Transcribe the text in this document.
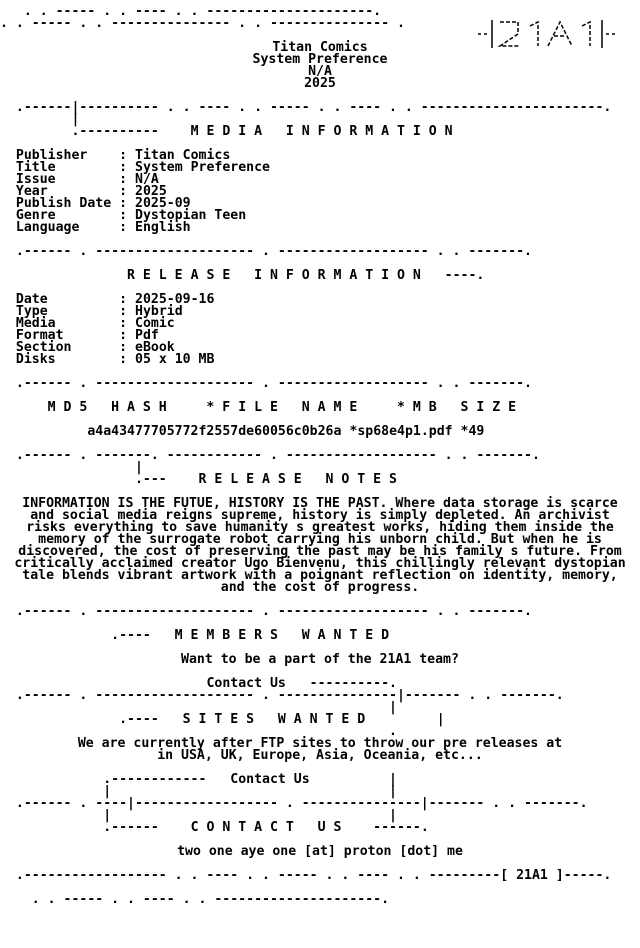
. . ----- . . ---- . . ---------------------.
. . ----- . . --------------- . . --------------- .
Titan Comics
System Preference
N/A
2025
.------|---------- . . ---- . . ----- . . ---- . . -----------------------.
|
.----------    M E D I A   I N F O R M A T I O N
Publisher    : Titan Comics
Title        : System Preference
Issue        : N/A
Year         : 2025
Publish Date : 2025-09
Genre        : Dystopian Teen
Language     : English
.------ . -------------------- . ------------------- . . -------.
R E L E A S E   I N F O R M A T I O N   ----.
Date         : 2025-09-16
Type         : Hybrid
Media        : Comic
Format       : Pdf
Section      : eBook
Disks        : 05 x 10 MB
.------ . -------------------- . ------------------- . . -------.
M D 5   H A S H     * F I L E   N A M E     * M B   S I Z E
a4a43477705772f2557de60056c0b26a *sp68e4p1.pdf *49
.------ . -------. ------------ . ------------------- . . -------.
|
.---    R E L E A S E   N O T E S
INFORMATION IS THE FUTUE, HISTORY IS THE PAST. Where data storage is scarce
and social media reigns supreme, history is simply depleted. An archivist
risks everything to save humanity s greatest works, hiding them inside the
memory of the surrogate robot carrying his unborn child. But when he is
discovered, the cost of preserving the past may be his family s future. From
critically acclaimed creator Ugo Bienvenu, this chillingly relevant dystopian
tale blends vibrant artwork with a poignant reflection on identity, memory,
and the cost of progress.
.------ . -------------------- . ------------------- . . -------.
.----   M E M B E R S   W A N T E D
Want to be a part of the 21A1 team?
Contact Us   ----------.
.------ . -------------------- . ---------------|------- . . -------.
|
.----   S I T E S   W A N T E D         |
.
We are currently after FTP sites to throw our pre releases at
in USA, UK, Europe, Asia, Oceania, etc...
.------------   Contact Us          |
|                                   |
.------ . ----|------------------ . ---------------|------- . . -------.
|                                   |
.------    C O N T A C T   U S    ------.
two one aye one [at] proton [dot] me
.------------------ . . ---- . . ----- . . ---- . . ---------[ 21A1 ]-----.
. . ----- . . ---- . . ---------------------.
